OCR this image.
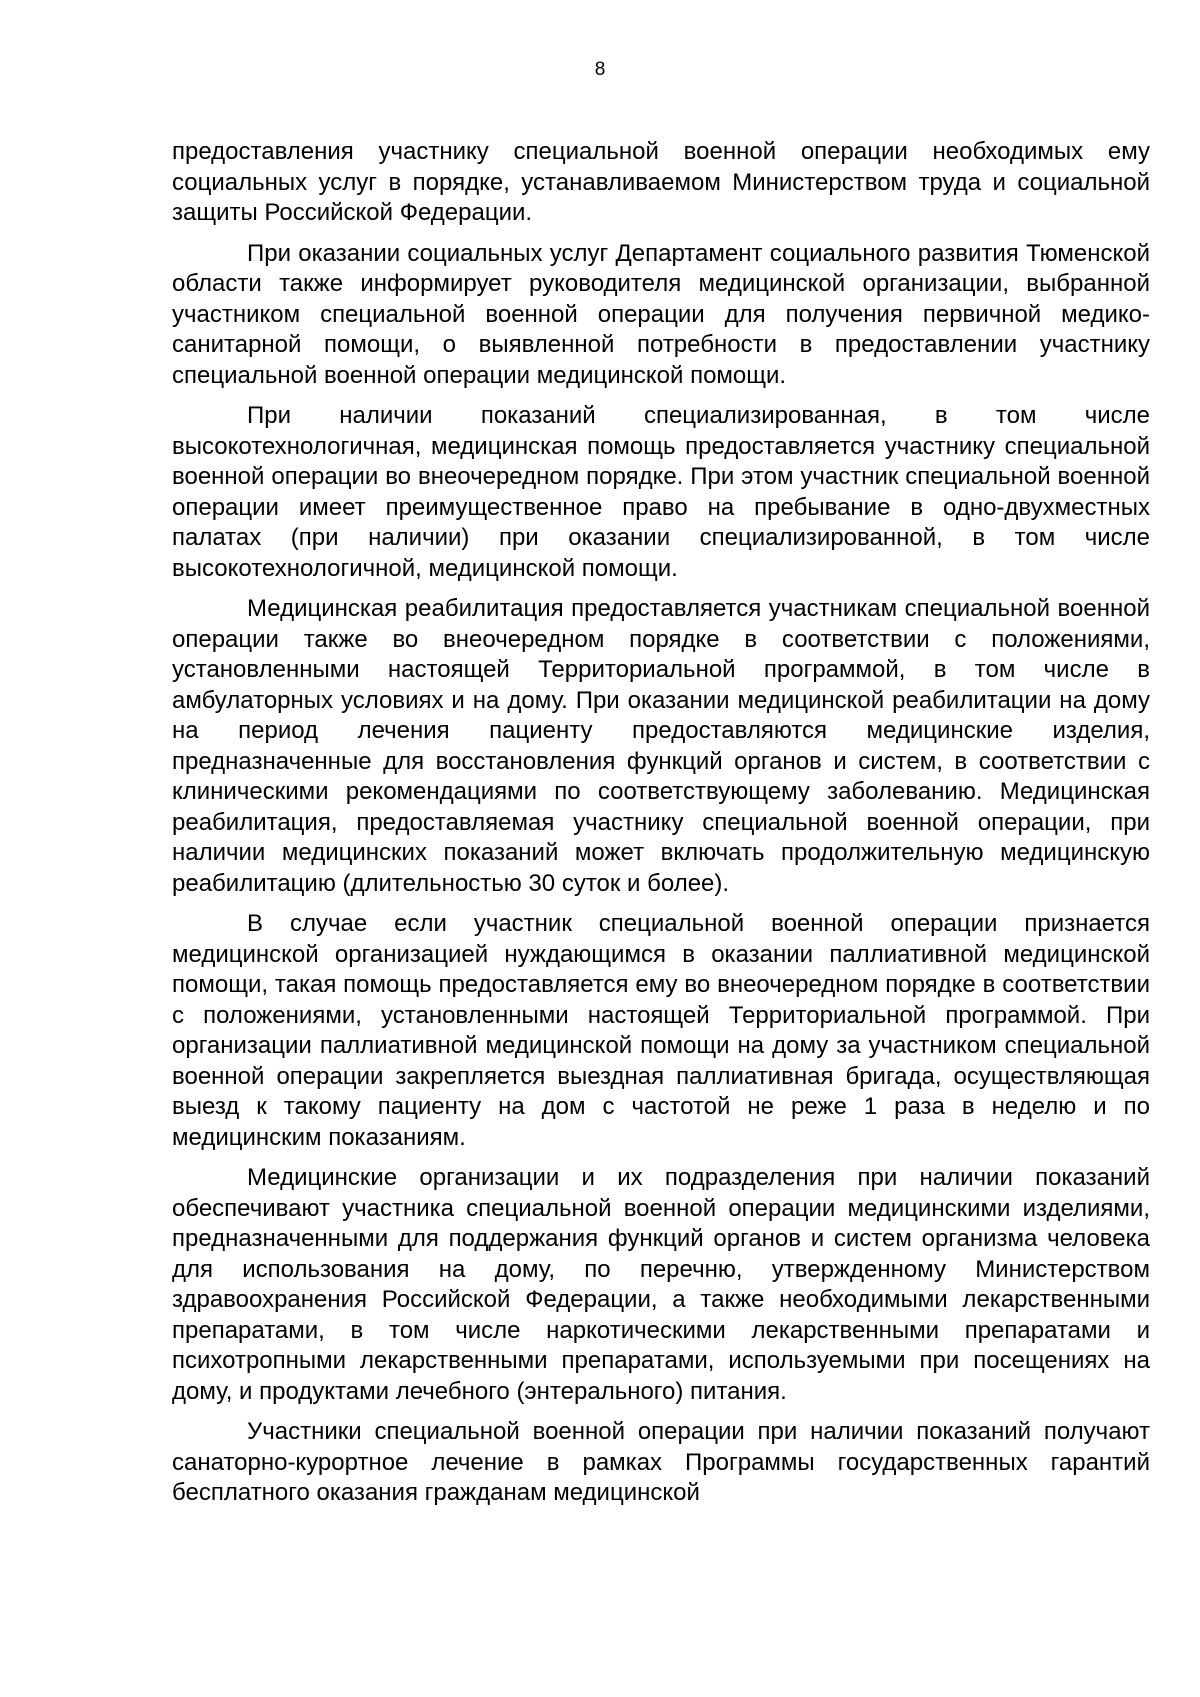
8

предоставления участнику специальной военной операции необходимых ему социальных услуг в порядке, устанавливаемом Министерством труда и социальной защиты Российской Федерации.

При оказании социальных услуг Департамент социального развития Тюменской области также информирует руководителя медицинской организации, выбранной участником специальной военной операции для получения первичной медико-санитарной помощи, о выявленной потребности в предоставлении участнику специальной военной операции медицинской помощи.

При наличии показаний специализированная, в том числе высокотехнологичная, медицинская помощь предоставляется участнику специальной военной операции во внеочередном порядке. При этом участник специальной военной операции имеет преимущественное право на пребывание в одно-двухместных палатах (при наличии) при оказании специализированной, в том числе высокотехнологичной, медицинской помощи.

Медицинская реабилитация предоставляется участникам специальной военной операции также во внеочередном порядке в соответствии с положениями, установленными настоящей Территориальной программой, в том числе в амбулаторных условиях и на дому. При оказании медицинской реабилитации на дому на период лечения пациенту предоставляются медицинские изделия, предназначенные для восстановления функций органов и систем, в соответствии с клиническими рекомендациями по соответствующему заболеванию. Медицинская реабилитация, предоставляемая участнику специальной военной операции, при наличии медицинских показаний может включать продолжительную медицинскую реабилитацию (длительностью 30 суток и более).

В случае если участник специальной военной операции признается медицинской организацией нуждающимся в оказании паллиативной медицинской помощи, такая помощь предоставляется ему во внеочередном порядке в соответствии с положениями, установленными настоящей Территориальной программой. При организации паллиативной медицинской помощи на дому за участником специальной военной операции закрепляется выездная паллиативная бригада, осуществляющая выезд к такому пациенту на дом с частотой не реже 1 раза в неделю и по медицинским показаниям.

Медицинские организации и их подразделения при наличии показаний обеспечивают участника специальной военной операции медицинскими изделиями, предназначенными для поддержания функций органов и систем организма человека для использования на дому, по перечню, утвержденному Министерством здравоохранения Российской Федерации, а также необходимыми лекарственными препаратами, в том числе наркотическими лекарственными препаратами и психотропными лекарственными препаратами, используемыми при посещениях на дому, и продуктами лечебного (энтерального) питания.

Участники специальной военной операции при наличии показаний получают санаторно-курортное лечение в рамках Программы государственных гарантий бесплатного оказания гражданам медицинской
